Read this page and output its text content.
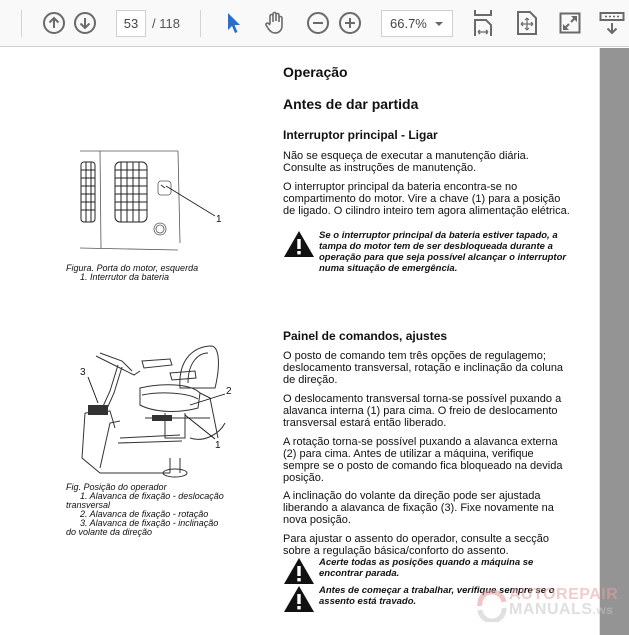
53	/ 118	66.7%
Operação
Antes de dar partida
Interruptor principal - Ligar
Não se esqueça de executar a manutenção diária. Consulte as instruções de manutenção.
O interruptor principal da bateria encontra-se no compartimento do motor. Vire a chave (1) para a posição de ligado. O cilindro inteiro tem agora alimentação elétrica.
Se o interruptor principal da bateria estiver tapado, a tampa do motor tem de ser desbloqueada durante a operação para que seja possível alcançar o interruptor numa situação de emergência.
1
Figura. Porta do motor, esquerda
1. Interrutor da bateria
Painel de comandos, ajustes
O posto de comando tem três opções de regulagemo; deslocamento transversal, rotação e inclinação da coluna de direção.
O deslocamento transversal torna-se possível puxando a alavanca interna (1) para cima. O freio de deslocamento transversal estará então liberado.
A rotação torna-se possível puxando a alavanca externa (2) para cima. Antes de utilizar a máquina, verifique sempre se o posto de comando fica bloqueado na devida posição.
A inclinação do volante da direção pode ser ajustada liberando a alavanca de fixação (3). Fixe novamente na nova posição.
Para ajustar o assento do operador, consulte a secção sobre a regulação básica/conforto do assento.
Acerte todas as posições quando a máquina se encontrar parada.
Antes de começar a trabalhar, verifique sempre se o assento está travado.
3
2
1
Fig. Posição do operador
1. Alavanca de fixação - deslocação
transversal
2. Alavanca de fixação - rotação
3. Alavanca de fixação - inclinação
do volante da direção
AUTOREPAIR
MANUALS.ws
